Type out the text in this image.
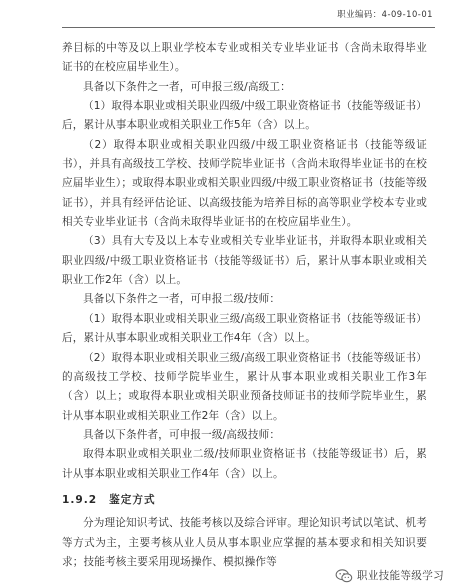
职业编码：4-09-10-01

养目标的中等及以上职业学校本专业或相关专业毕业证书（含尚未取得毕业证书的在校应届毕业生）。

具备以下条件之一者，可申报三级/高级工：

（1）取得本职业或相关职业四级/中级工职业资格证书（技能等级证书）后，累计从事本职业或相关职业工作5年（含）以上。

（2）取得本职业或相关职业四级/中级工职业资格证书（技能等级证书），并具有高级技工学校、技师学院毕业证书（含尚未取得毕业证书的在校应届毕业生）；或取得本职业或相关职业四级/中级工职业资格证书（技能等级证书），并具有经评估论证、以高级技能为培养目标的高等职业学校本专业或相关专业毕业证书（含尚未取得毕业证书的在校应届毕业生）。

（3）具有大专及以上本专业或相关专业毕业证书，并取得本职业或相关职业四级/中级工职业资格证书（技能等级证书）后，累计从事本职业或相关职业工作2年（含）以上。

具备以下条件之一者，可申报二级/技师：

（1）取得本职业或相关职业三级/高级工职业资格证书（技能等级证书）后，累计从事本职业或相关职业工作4年（含）以上。

（2）取得本职业或相关职业三级/高级工职业资格证书（技能等级证书）的高级技工学校、技师学院毕业生，累计从事本职业或相关职业工作3年（含）以上；或取得本职业或相关职业预备技师证书的技师学院毕业生，累计从事本职业或相关职业工作2年（含）以上。

具备以下条件者，可申报一级/高级技师：

取得本职业或相关职业二级/技师职业资格证书（技能等级证书）后，累计从事本职业或相关职业工作4年（含）以上。

1.9.2 鉴定方式

分为理论知识考试、技能考核以及综合评审。理论知识考试以笔试、机考等方式为主，主要考核从业人员从事本职业应掌握的基本要求和相关知识要求；技能考核主要采用现场操作、模拟操作等

职业技能等级学习
